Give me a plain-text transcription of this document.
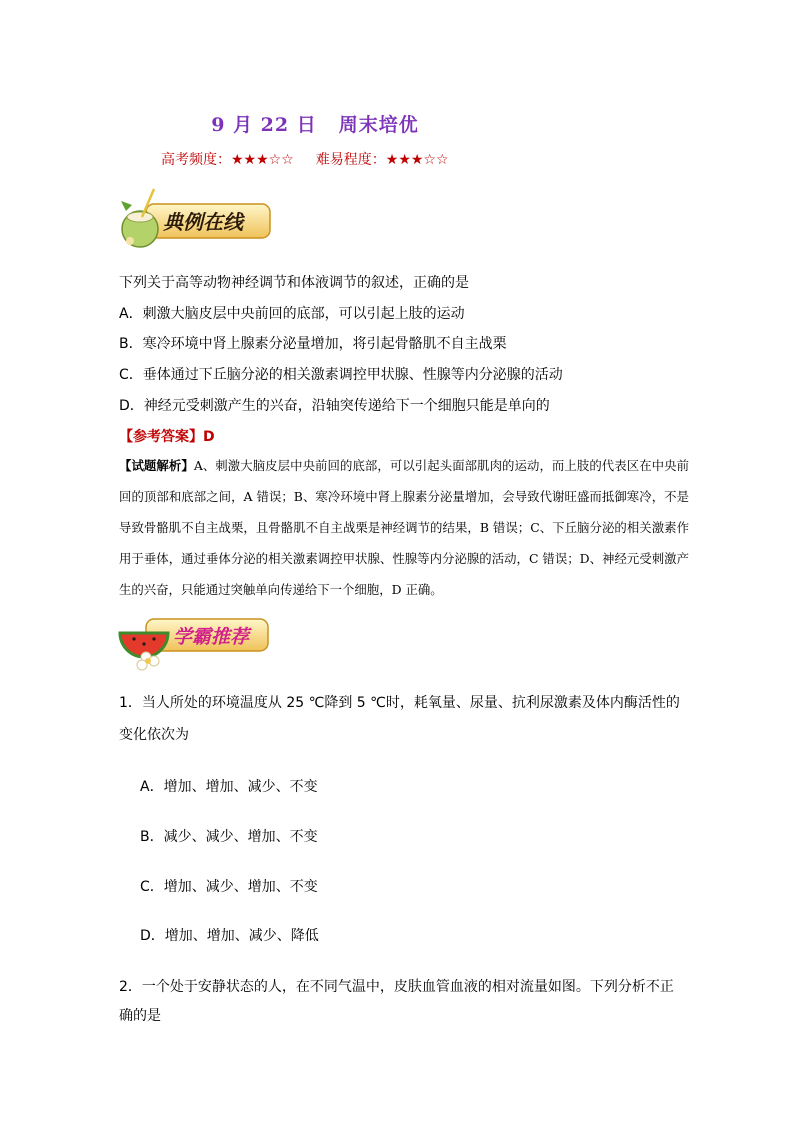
9 月 22 日 周末培优
高考频度：★★★☆☆ 难易程度：★★★☆☆
典例在线
下列关于高等动物神经调节和体液调节的叙述，正确的是
A．刺激大脑皮层中央前回的底部，可以引起上肢的运动
B．寒冷环境中肾上腺素分泌量增加，将引起骨骼肌不自主战栗
C．垂体通过下丘脑分泌的相关激素调控甲状腺、性腺等内分泌腺的活动
D．神经元受刺激产生的兴奋，沿轴突传递给下一个细胞只能是单向的
【参考答案】D
【试题解析】A、刺激大脑皮层中央前回的底部，可以引起头面部肌肉的运动，而上肢的代表区在中央前回的顶部和底部之间，A 错误；B、寒冷环境中肾上腺素分泌量增加，会导致代谢旺盛而抵御寒冷，不是导致骨骼肌不自主战栗，且骨骼肌不自主战栗是神经调节的结果，B 错误；C、下丘脑分泌的相关激素作用于垂体，通过垂体分泌的相关激素调控甲状腺、性腺等内分泌腺的活动，C 错误；D、神经元受刺激产生的兴奋，只能通过突触单向传递给下一个细胞，D 正确。
学霸推荐
1．当人所处的环境温度从 25 ℃降到 5 ℃时，耗氧量、尿量、抗利尿激素及体内酶活性的
变化依次为
A．增加、增加、减少、不变
B．减少、减少、增加、不变
C．增加、减少、增加、不变
D．增加、增加、减少、降低
2．一个处于安静状态的人，在不同气温中，皮肤血管血液的相对流量如图。下列分析不正
确的是
